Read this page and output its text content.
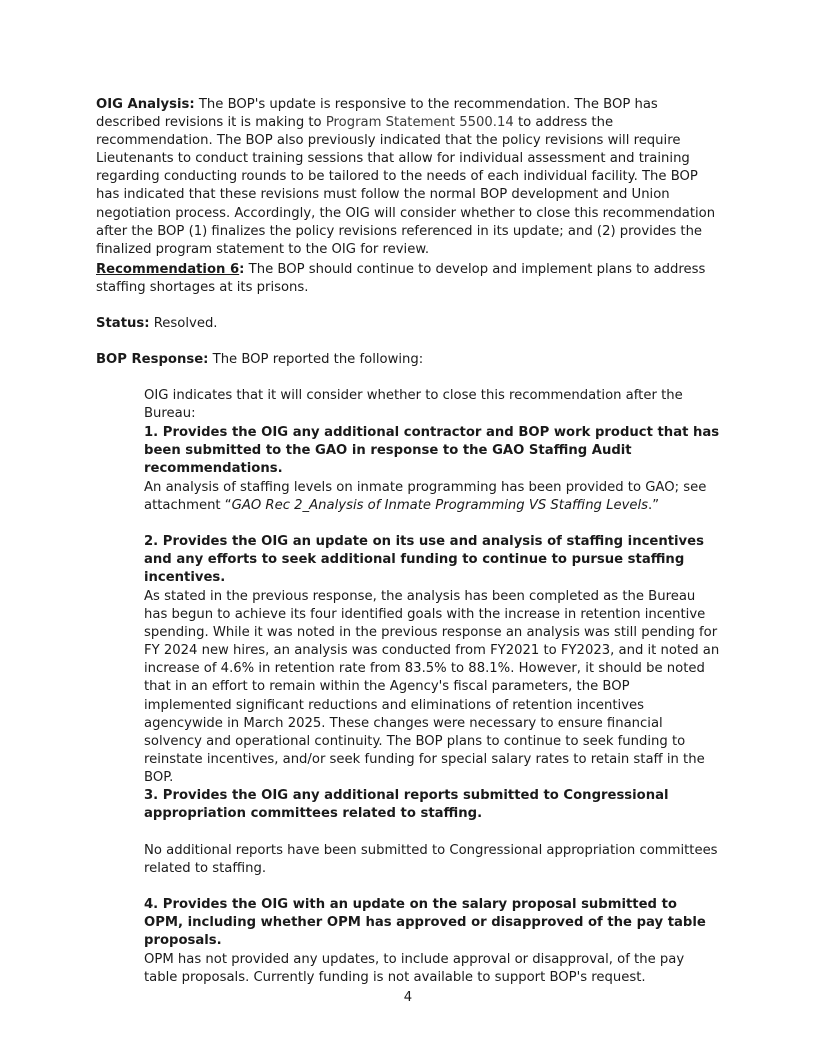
OIG Analysis: The BOP's update is responsive to the recommendation. The BOP has described revisions it is making to Program Statement 5500.14 to address the recommendation. The BOP also previously indicated that the policy revisions will require Lieutenants to conduct training sessions that allow for individual assessment and training regarding conducting rounds to be tailored to the needs of each individual facility. The BOP has indicated that these revisions must follow the normal BOP development and Union negotiation process. Accordingly, the OIG will consider whether to close this recommendation after the BOP (1) finalizes the policy revisions referenced in its update; and (2) provides the finalized program statement to the OIG for review.

Recommendation 6: The BOP should continue to develop and implement plans to address staffing shortages at its prisons.

Status: Resolved.

BOP Response: The BOP reported the following:

OIG indicates that it will consider whether to close this recommendation after the Bureau:

1. Provides the OIG any additional contractor and BOP work product that has been submitted to the GAO in response to the GAO Staffing Audit recommendations.

An analysis of staffing levels on inmate programming has been provided to GAO; see attachment “GAO Rec 2_Analysis of Inmate Programming VS Staffing Levels.”

2. Provides the OIG an update on its use and analysis of staffing incentives and any efforts to seek additional funding to continue to pursue staffing incentives.

As stated in the previous response, the analysis has been completed as the Bureau has begun to achieve its four identified goals with the increase in retention incentive spending. While it was noted in the previous response an analysis was still pending for FY 2024 new hires, an analysis was conducted from FY2021 to FY2023, and it noted an increase of 4.6% in retention rate from 83.5% to 88.1%. However, it should be noted that in an effort to remain within the Agency's fiscal parameters, the BOP implemented significant reductions and eliminations of retention incentives agencywide in March 2025. These changes were necessary to ensure financial solvency and operational continuity. The BOP plans to continue to seek funding to reinstate incentives, and/or seek funding for special salary rates to retain staff in the BOP.

3. Provides the OIG any additional reports submitted to Congressional appropriation committees related to staffing.

No additional reports have been submitted to Congressional appropriation committees related to staffing.

4. Provides the OIG with an update on the salary proposal submitted to OPM, including whether OPM has approved or disapproved of the pay table proposals.

OPM has not provided any updates, to include approval or disapproval, of the pay table proposals. Currently funding is not available to support BOP's request.

4
